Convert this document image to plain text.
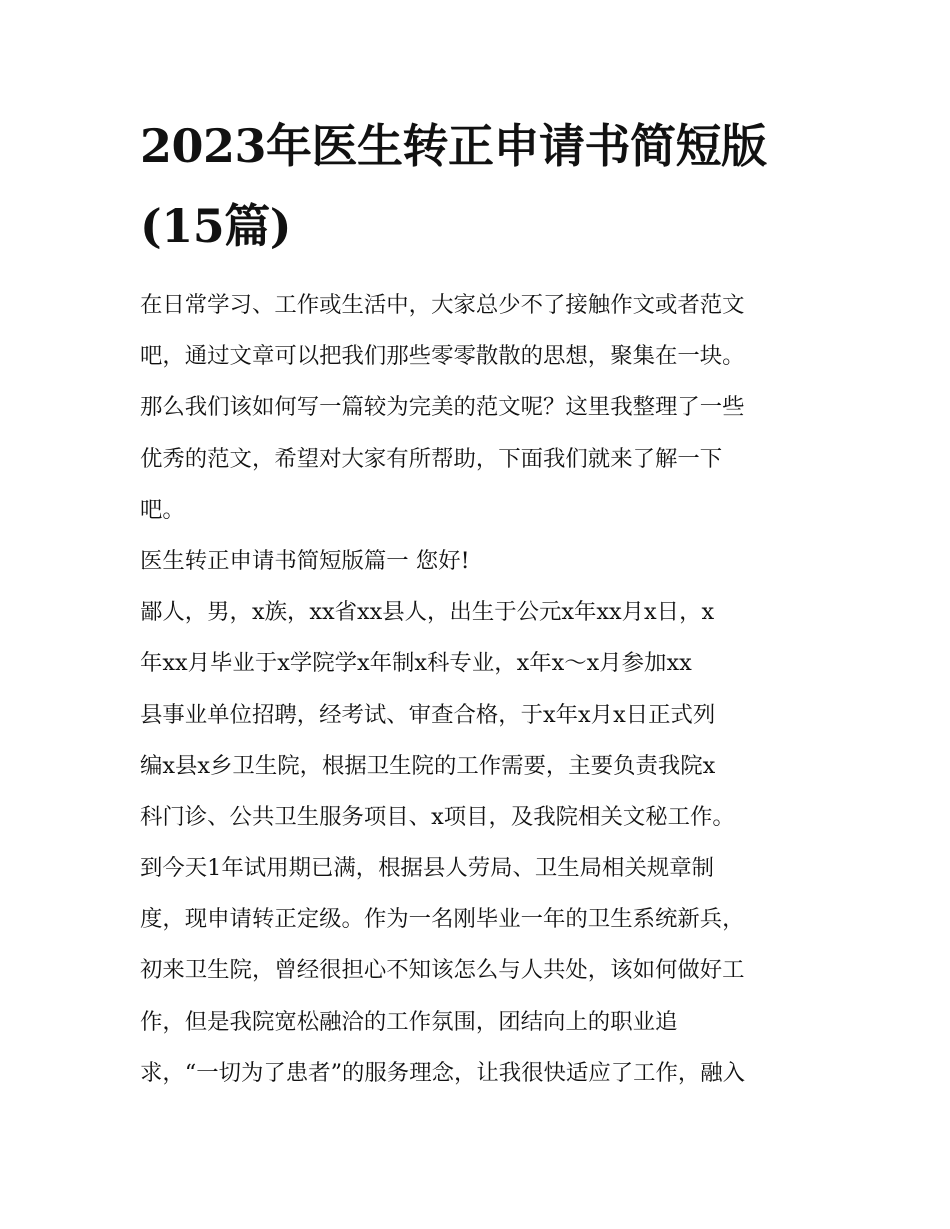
2023年医生转正申请书简短版
(15篇)
在日常学习、工作或生活中，大家总少不了接触作文或者范文
吧，通过文章可以把我们那些零零散散的思想，聚集在一块。
那么我们该如何写一篇较为完美的范文呢？这里我整理了一些
优秀的范文，希望对大家有所帮助，下面我们就来了解一下
吧。
医生转正申请书简短版篇一 您好!
鄙人，男，x族，xx省xx县人，出生于公元x年xx月x日，x
年xx月毕业于x学院学x年制x科专业，x年x～x月参加xx
县事业单位招聘，经考试、审查合格，于x年x月x日正式列
编x县x乡卫生院，根据卫生院的工作需要，主要负责我院x
科门诊、公共卫生服务项目、x项目，及我院相关文秘工作。
到今天1年试用期已满，根据县人劳局、卫生局相关规章制
度，现申请转正定级。作为一名刚毕业一年的卫生系统新兵，
初来卫生院，曾经很担心不知该怎么与人共处，该如何做好工
作，但是我院宽松融洽的工作氛围，团结向上的职业追
求，“一切为了患者”的服务理念，让我很快适应了工作，融入
